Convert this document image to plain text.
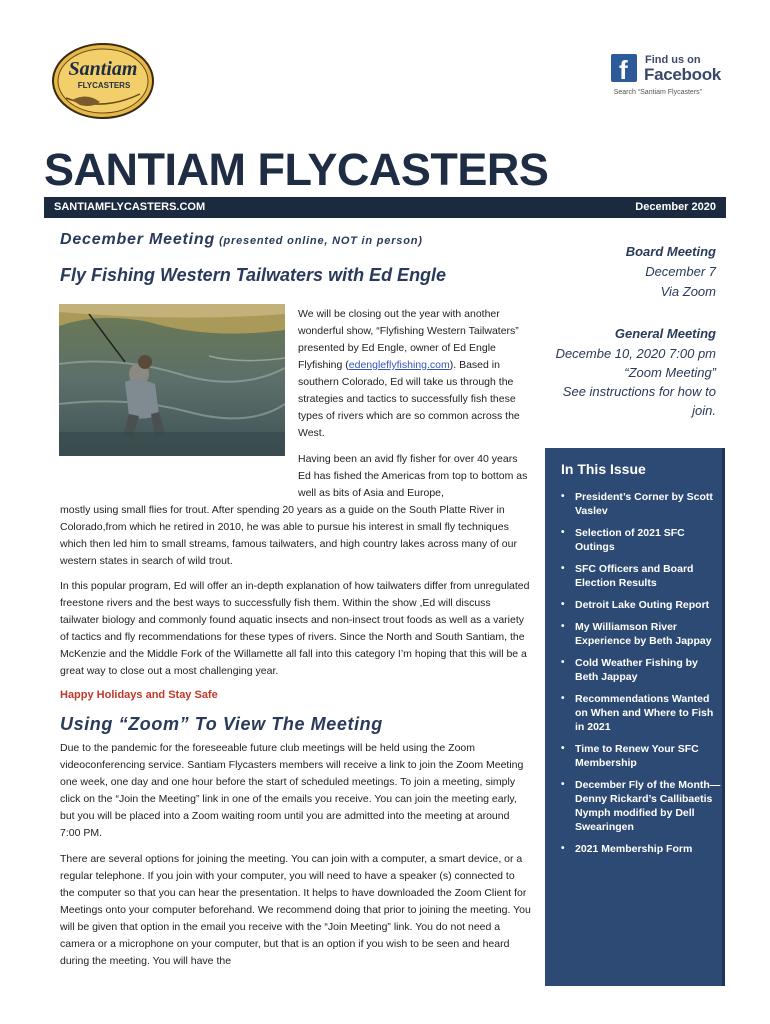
Santiam
FLYCASTERS
f Find us on
Facebook
Search “Santiam Flycasters”
SANTIAM FLYCASTERS
SANTIAMFLYCASTERS.COM	December 2020
December Meeting (presented online, NOT in person)
Fly Fishing Western Tailwaters with Ed Engle
We will be closing out the year with another wonderful show, “Flyfishing Western Tailwaters” presented by Ed Engle, owner of Ed Engle Flyfishing (edengleflyfishing.com). Based in southern Colorado, Ed will take us through the strategies and tactics to successfully fish these types of rivers which are so common across the West.
Having been an avid fly fisher for over 40 years Ed has fished the Americas from top to bottom as well as bits of Asia and Europe,
mostly using small flies for trout. After spending 20 years as a guide on the South Platte River in Colorado,from which he retired in 2010, he was able to pursue his interest in small fly techniques which then led him to small streams, famous tailwaters, and high country lakes across many of our western states in search of wild trout.
In this popular program, Ed will offer an in-depth explanation of how tailwaters differ from unregulated freestone rivers and the best ways to successfully fish them. Within the show ,Ed will discuss tailwater biology and commonly found aquatic insects and non-insect trout foods as well as a variety of tactics and fly recommendations for these types of rivers. Since the North and South Santiam, the McKenzie and the Middle Fork of the Willamette all fall into this category I’m hoping that this will be a great way to close out a most challenging year.
Happy Holidays and Stay Safe
Using “Zoom” To View The Meeting
Due to the pandemic for the foreseeable future club meetings will be held using the Zoom videoconferencing service. Santiam Flycasters members will receive a link to join the Zoom Meeting one week, one day and one hour before the start of scheduled meetings. To join a meeting, simply click on the “Join the Meeting” link in one of the emails you receive. You can join the meeting early, but you will be placed into a Zoom waiting room until you are admitted into the meeting at around 7:00 PM.
There are several options for joining the meeting. You can join with a computer, a smart device, or a regular telephone. If you join with your computer, you will need to have a speaker (s) connected to the computer so that you can hear the presentation. It helps to have downloaded the Zoom Client for Meetings onto your computer beforehand. We recommend doing that prior to joining the meeting. You will be given that option in the email you receive with the “Join Meeting” link. You do not need a camera or a microphone on your computer, but that is an option if you wish to be seen and heard during the meeting. You will have the
Board Meeting
December 7
Via Zoom
General Meeting
Decembe 10, 2020 7:00 pm
“Zoom Meeting”
See instructions for how to join.
In This Issue
• President’s Corner by Scott Vaslev
• Selection of 2021 SFC Outings
• SFC Officers and Board Election Results
• Detroit Lake Outing Report
• My Williamson River Experience by Beth Jappay
• Cold Weather Fishing by Beth Jappay
• Recommendations Wanted on When and Where to Fish in 2021
• Time to Renew Your SFC Membership
• December Fly of the Month—Denny Rickard’s Callibaetis Nymph modified by Dell Swearingen
• 2021 Membership Form
